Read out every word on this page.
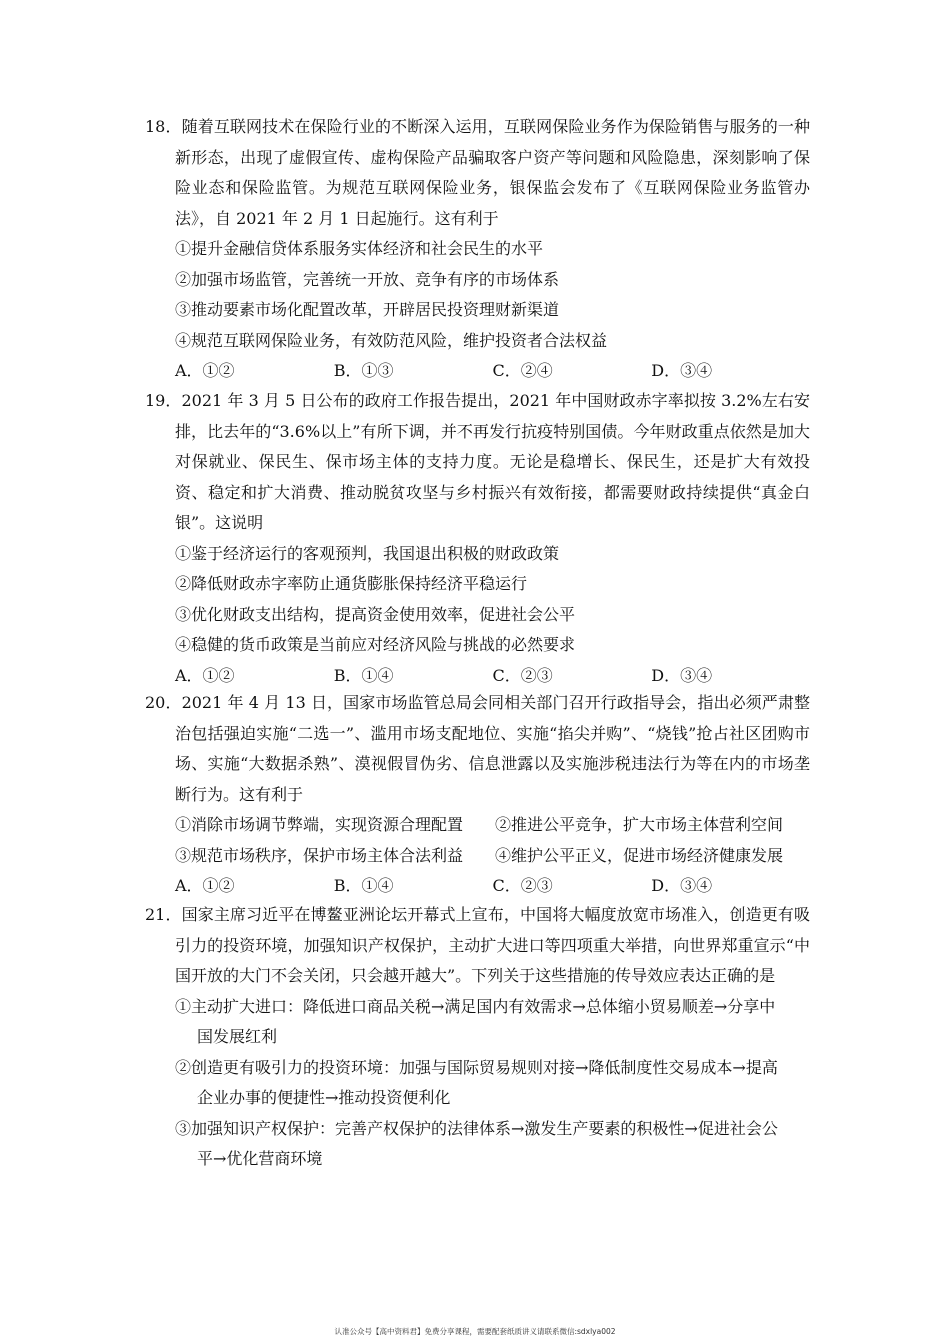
18．随着互联网技术在保险行业的不断深入运用，互联网保险业务作为保险销售与服务的一种新形态，出现了虚假宣传、虚构保险产品骗取客户资产等问题和风险隐患，深刻影响了保险业态和保险监管。为规范互联网保险业务，银保监会发布了《互联网保险业务监管办法》，自 2021 年 2 月 1 日起施行。这有利于
①提升金融信贷体系服务实体经济和社会民生的水平
②加强市场监管，完善统一开放、竞争有序的市场体系
③推动要素市场化配置改革，开辟居民投资理财新渠道
④规范互联网保险业务，有效防范风险，维护投资者合法权益
A．①②	B．①③	C．②④	D．③④
19．2021 年 3 月 5 日公布的政府工作报告提出，2021 年中国财政赤字率拟按 3.2%左右安排，比去年的“3.6%以上”有所下调，并不再发行抗疫特别国债。今年财政重点依然是加大对保就业、保民生、保市场主体的支持力度。无论是稳增长、保民生，还是扩大有效投资、稳定和扩大消费、推动脱贫攻坚与乡村振兴有效衔接，都需要财政持续提供“真金白银”。这说明
①鉴于经济运行的客观预判，我国退出积极的财政政策
②降低财政赤字率防止通货膨胀保持经济平稳运行
③优化财政支出结构，提高资金使用效率，促进社会公平
④稳健的货币政策是当前应对经济风险与挑战的必然要求
A．①②	B．①④	C．②③	D．③④
20．2021 年 4 月 13 日，国家市场监管总局会同相关部门召开行政指导会，指出必须严肃整治包括强迫实施“二选一”、滥用市场支配地位、实施“掐尖并购”、“烧钱”抢占社区团购市场、实施“大数据杀熟”、漠视假冒伪劣、信息泄露以及实施涉税违法行为等在内的市场垄断行为。这有利于
①消除市场调节弊端，实现资源合理配置	②推进公平竞争，扩大市场主体营利空间
③规范市场秩序，保护市场主体合法利益	④维护公平正义，促进市场经济健康发展
A．①②	B．①④	C．②③	D．③④
21．国家主席习近平在博鳌亚洲论坛开幕式上宣布，中国将大幅度放宽市场准入，创造更有吸引力的投资环境，加强知识产权保护，主动扩大进口等四项重大举措，向世界郑重宣示“中国开放的大门不会关闭，只会越开越大”。下列关于这些措施的传导效应表达正确的是
①主动扩大进口：降低进口商品关税→满足国内有效需求→总体缩小贸易顺差→分享中
国发展红利
②创造更有吸引力的投资环境：加强与国际贸易规则对接→降低制度性交易成本→提高
企业办事的便捷性→推动投资便利化
③加强知识产权保护：完善产权保护的法律体系→激发生产要素的积极性→促进社会公
平→优化营商环境
认准公众号【高中资料君】免费分享课程，需要配套纸质讲义请联系微信:sdxlya002
